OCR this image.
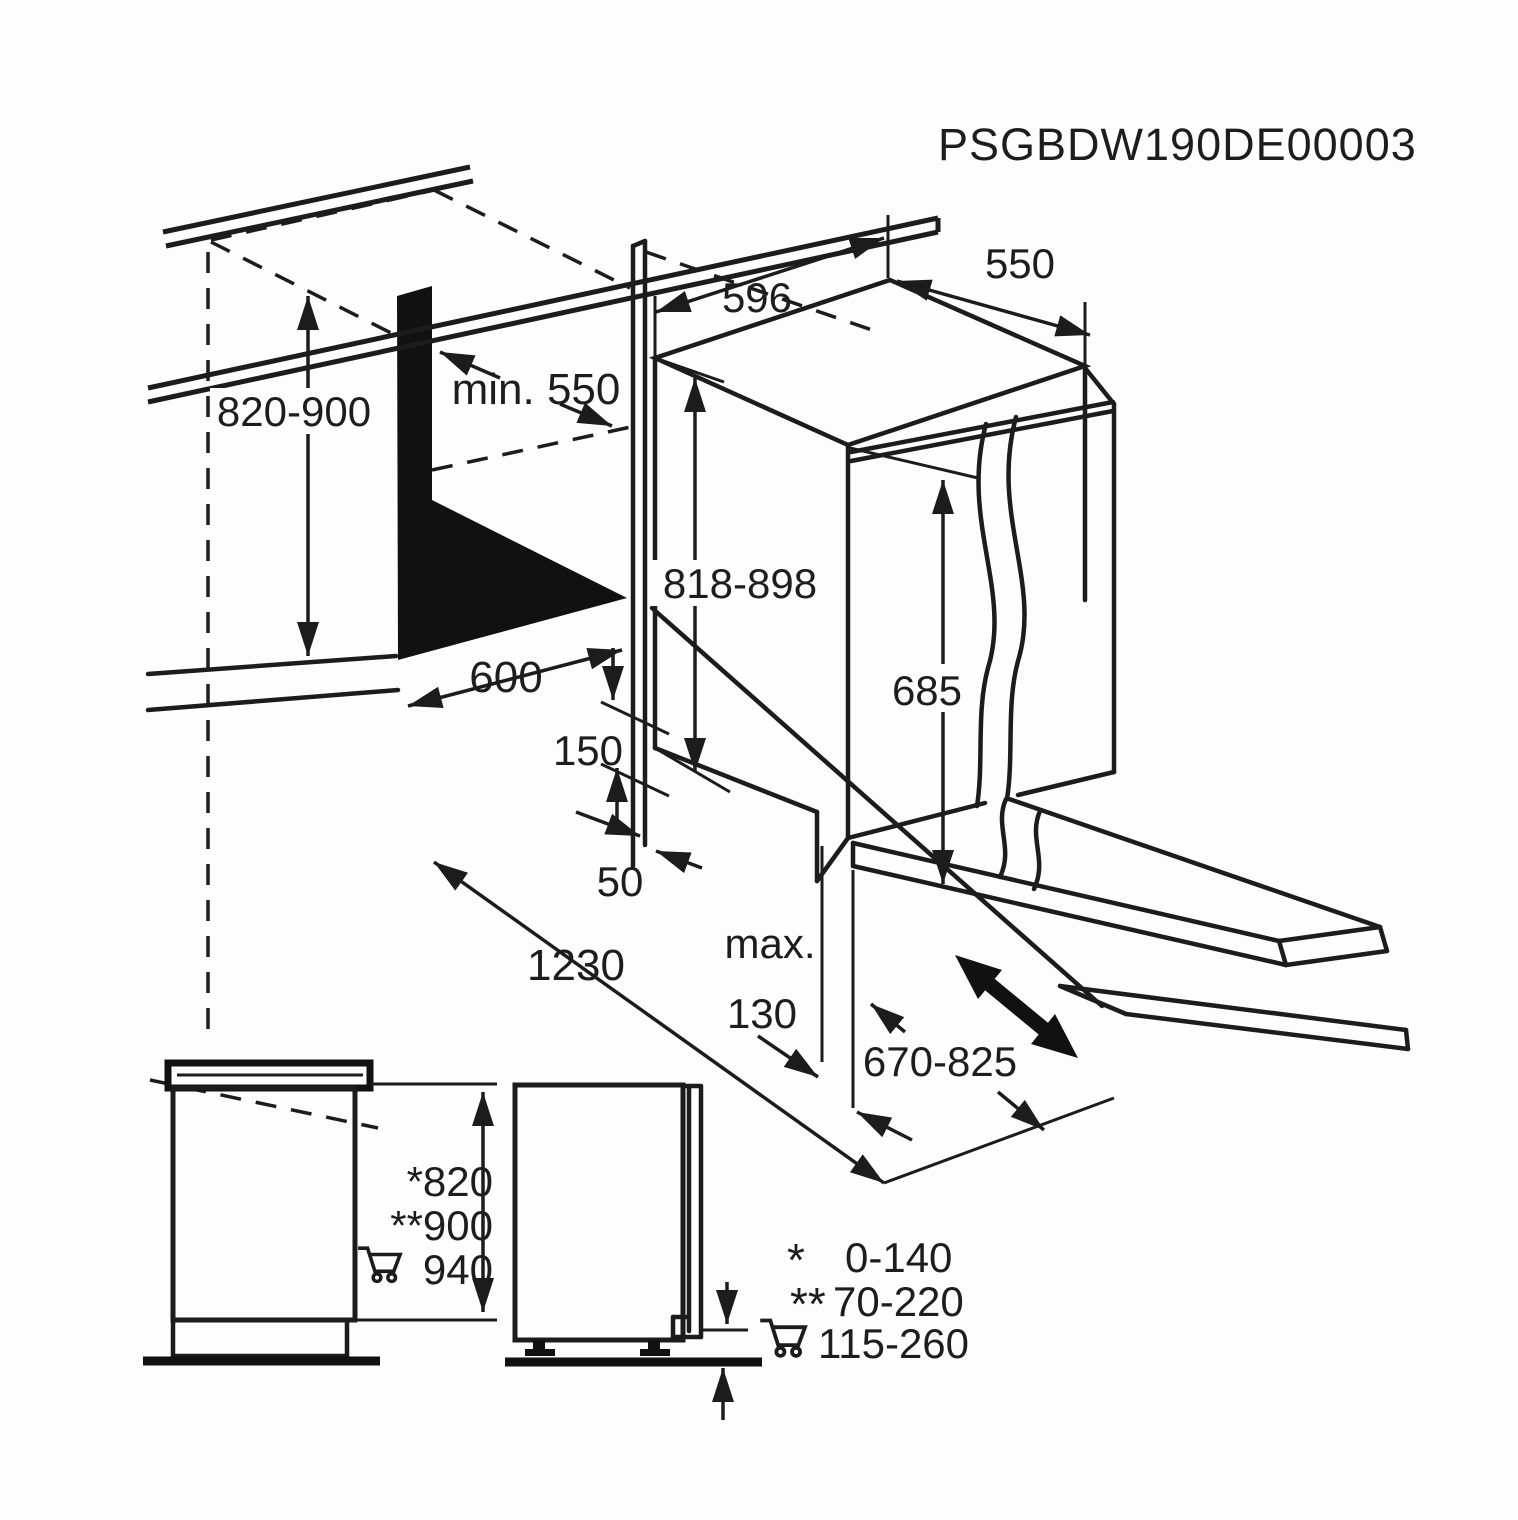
PSGBDW190DE00003
820-900 min. 550
596
550
818-898
685
600
150
50
1230 max.
130
670-825
*820
**900
940	* 0-140
** 70-220
115-260
